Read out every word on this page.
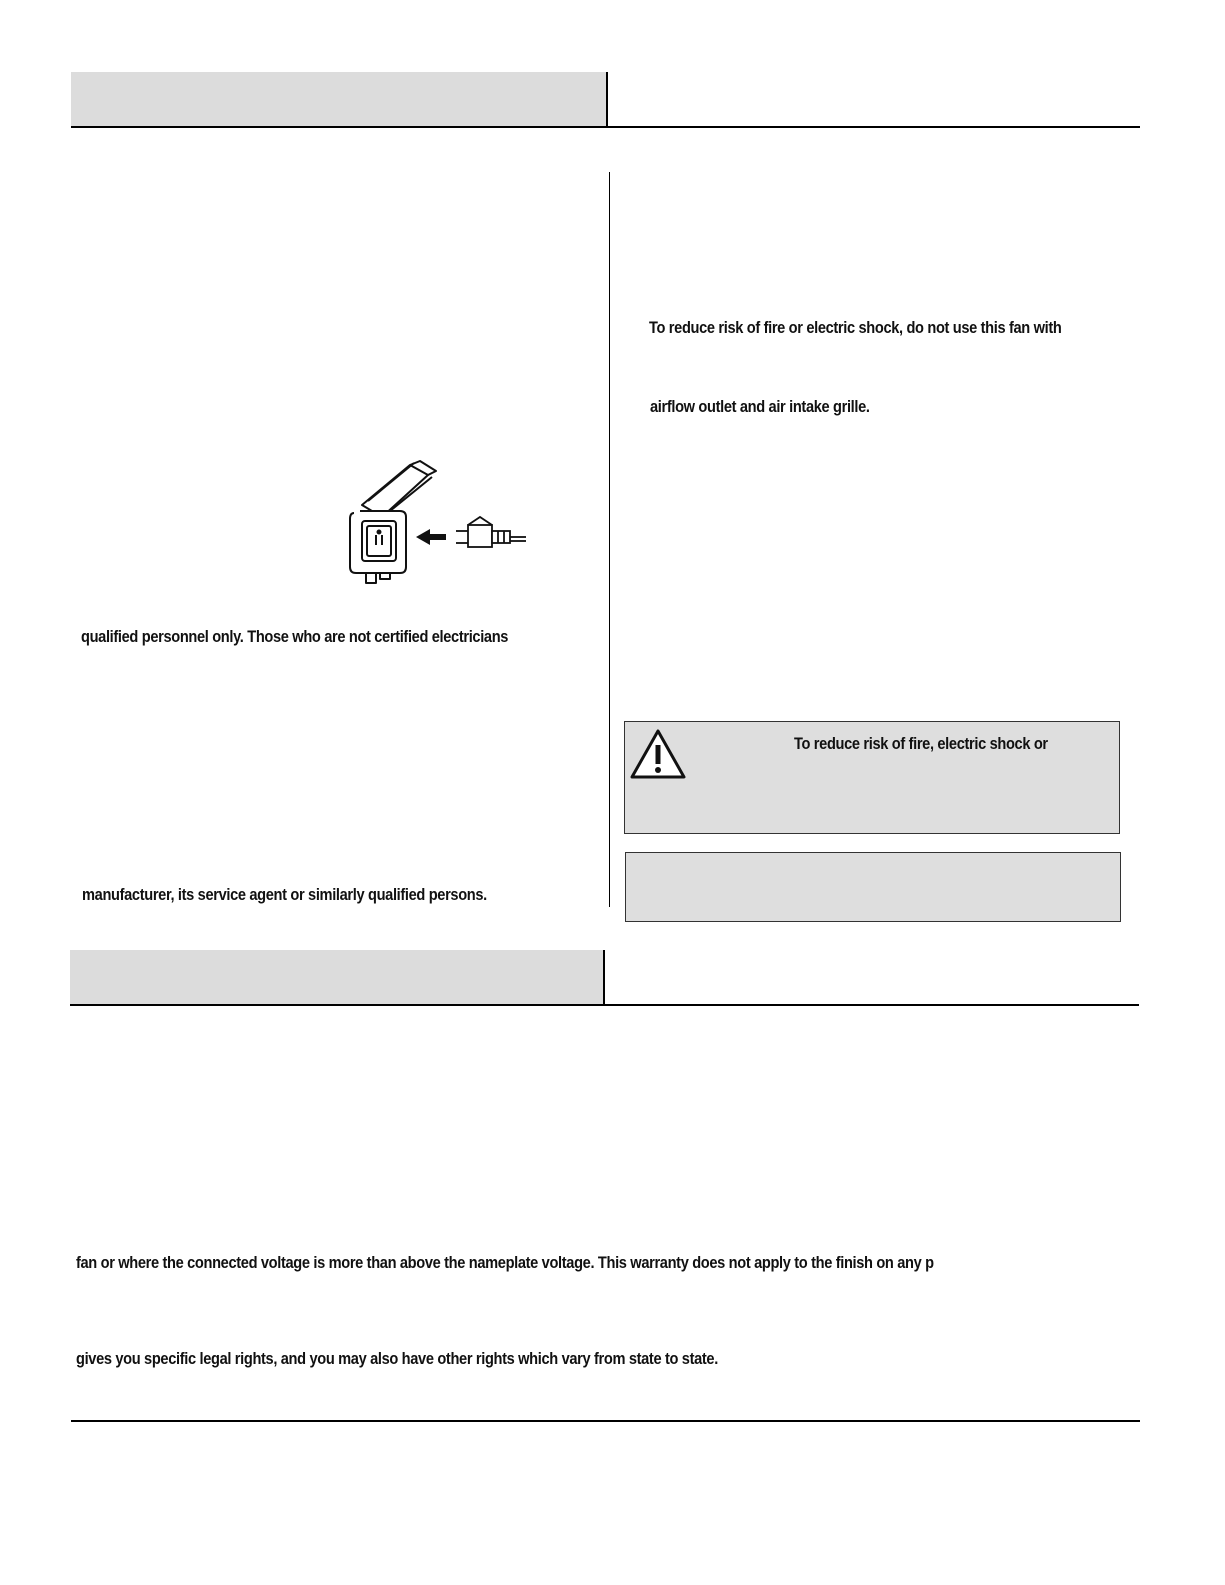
qualified personnel only. Those who are not certified electricians
manufacturer, its service agent or similarly qualified persons.
To reduce risk of fire or electric shock, do not use this fan with
airflow outlet and air intake grille.
To reduce risk of fire, electric shock or
fan or where the connected voltage is more than above the nameplate voltage. This warranty does not apply to the finish on any p
gives you specific legal rights, and you may also have other rights which vary from state to state.
